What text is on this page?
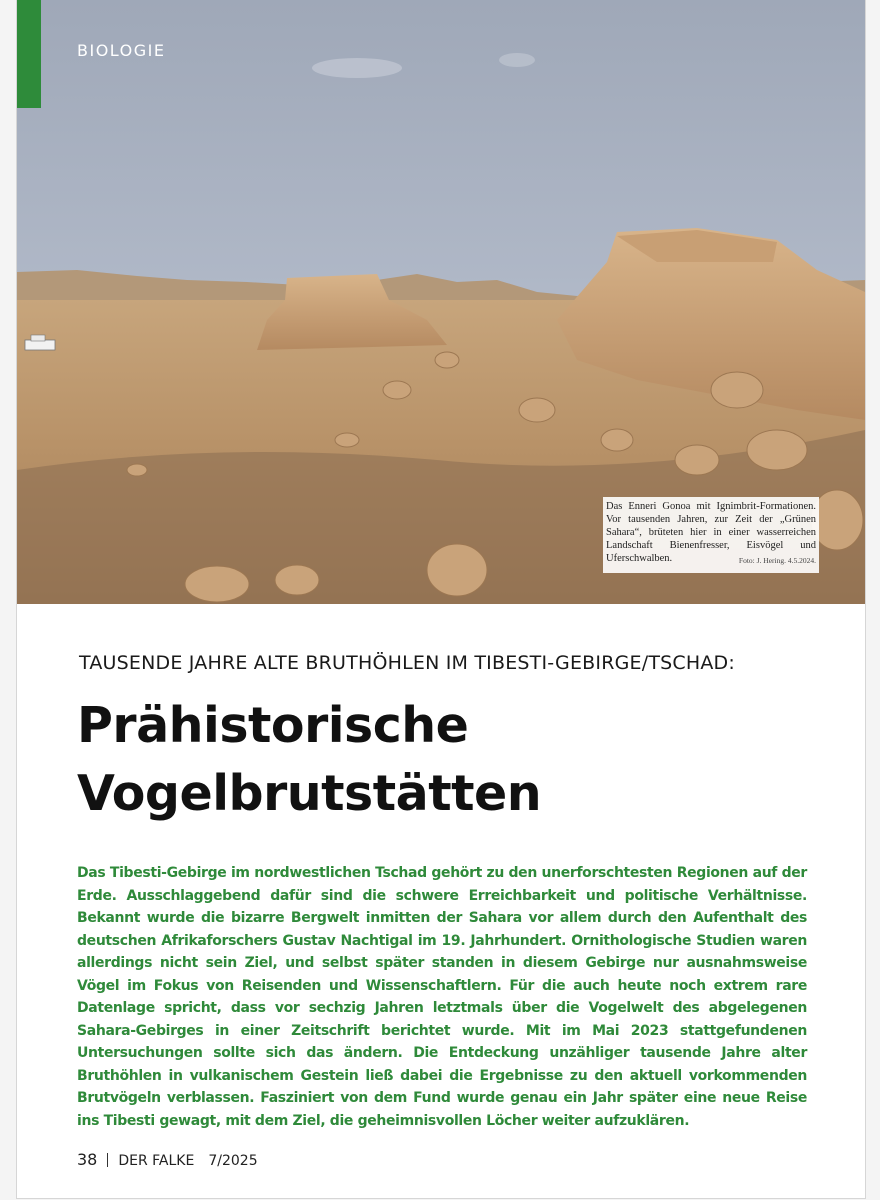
BIOLOGIE
Das Enneri Gonoa mit Ignimbrit-Formationen. Vor tausenden Jahren, zur Zeit der „Grünen Sahara“, brüteten hier in einer wasserreichen Landschaft Bienenfresser, Eisvögel und Uferschwalben.	Foto: J. Hering. 4.5.2024.
TAUSENDE JAHRE ALTE BRUTHÖHLEN IM TIBESTI-GEBIRGE/TSCHAD:
Prähistorische
Vogelbrutstätten
Das Tibesti-Gebirge im nordwestlichen Tschad gehört zu den unerforschtesten Regionen auf der Erde. Ausschlaggebend dafür sind die schwere Erreichbarkeit und politische Verhältnisse. Bekannt wurde die bizarre Bergwelt inmitten der Sahara vor allem durch den Aufenthalt des deutschen Afrikaforschers Gustav Nachtigal im 19. Jahrhundert. Ornithologische Studien waren allerdings nicht sein Ziel, und selbst später standen in diesem Gebirge nur ausnahmsweise Vögel im Fokus von Reisenden und Wissenschaftlern. Für die auch heute noch extrem rare Datenlage spricht, dass vor sechzig Jahren letztmals über die Vogelwelt des abgelegenen Sahara-Gebirges in einer Zeitschrift berichtet wurde. Mit im Mai 2023 stattgefundenen Untersuchungen sollte sich das ändern. Die Entdeckung unzähliger tausende Jahre alter Bruthöhlen in vulkanischem Gestein ließ dabei die Ergebnisse zu den aktuell vorkommenden Brutvögeln verblassen. Fasziniert von dem Fund wurde genau ein Jahr später eine neue Reise ins Tibesti gewagt, mit dem Ziel, die geheimnisvollen Löcher weiter aufzuklären.
38 DER FALKE 7/2025
